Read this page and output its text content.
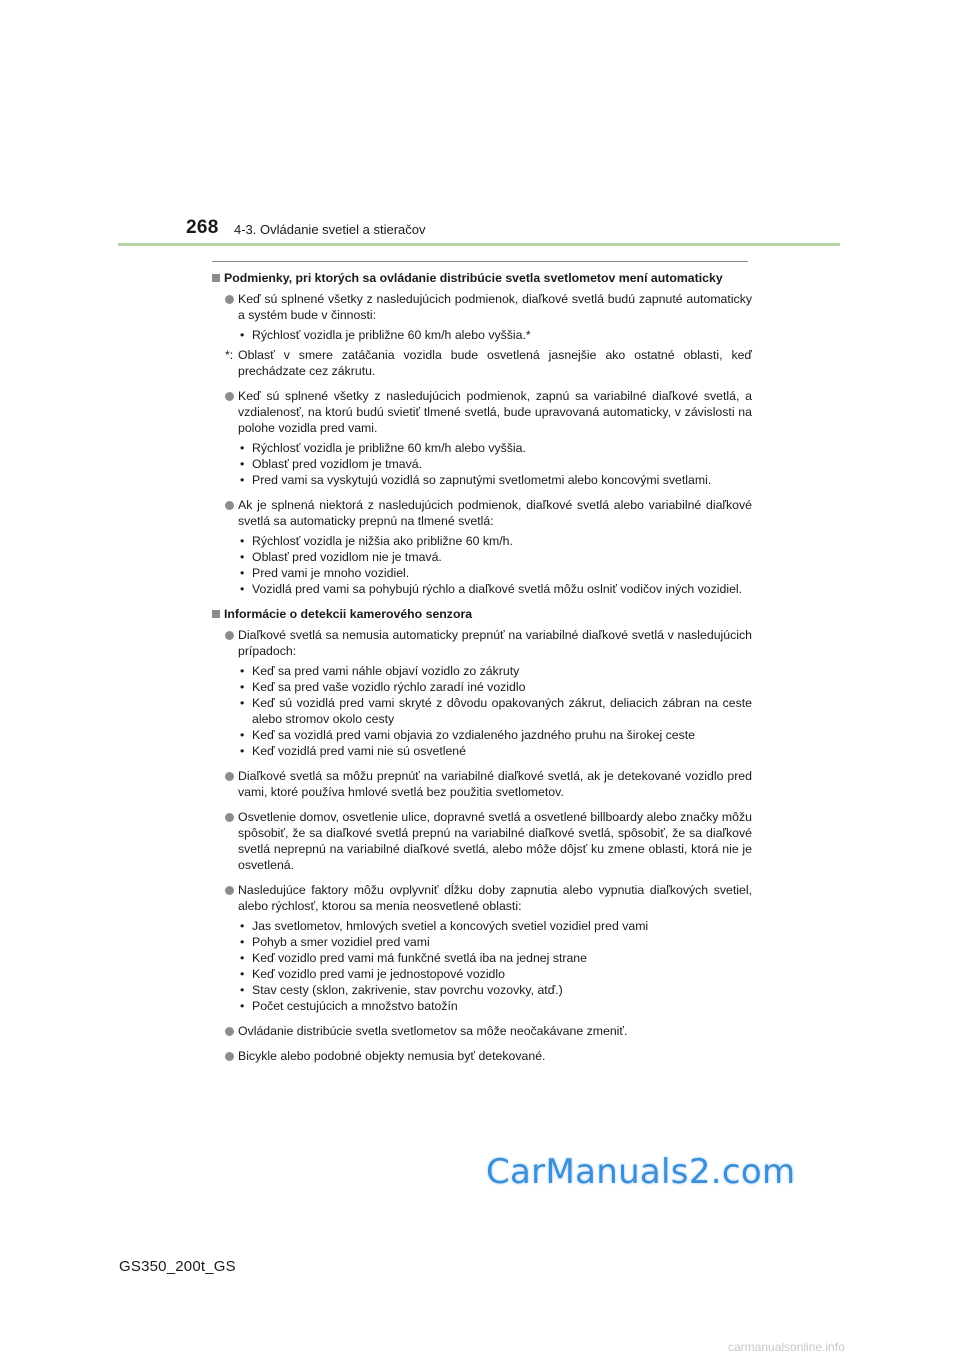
268 4-3. Ovládanie svetiel a stieračov
Podmienky, pri ktorých sa ovládanie distribúcie svetla svetlometov mení automaticky
Keď sú splnené všetky z nasledujúcich podmienok, diaľkové svetlá budú zapnuté automaticky a systém bude v činnosti:
• Rýchlosť vozidla je približne 60 km/h alebo vyššia.*
*: Oblasť v smere zatáčania vozidla bude osvetlená jasnejšie ako ostatné oblasti, keď prechádzate cez zákrutu.
Keď sú splnené všetky z nasledujúcich podmienok, zapnú sa variabilné diaľkové svetlá, a vzdialenosť, na ktorú budú svietiť tlmené svetlá, bude upravovaná automaticky, v závislosti na polohe vozidla pred vami.
• Rýchlosť vozidla je približne 60 km/h alebo vyššia.
• Oblasť pred vozidlom je tmavá.
• Pred vami sa vyskytujú vozidlá so zapnutými svetlometmi alebo koncovými svetlami.
Ak je splnená niektorá z nasledujúcich podmienok, diaľkové svetlá alebo variabilné diaľkové svetlá sa automaticky prepnú na tlmené svetlá:
• Rýchlosť vozidla je nižšia ako približne 60 km/h.
• Oblasť pred vozidlom nie je tmavá.
• Pred vami je mnoho vozidiel.
• Vozidlá pred vami sa pohybujú rýchlo a diaľkové svetlá môžu oslniť vodičov iných vozidiel.
Informácie o detekcii kamerového senzora
Diaľkové svetlá sa nemusia automaticky prepnúť na variabilné diaľkové svetlá v nasledujúcich prípadoch:
• Keď sa pred vami náhle objaví vozidlo zo zákruty
• Keď sa pred vaše vozidlo rýchlo zaradí iné vozidlo
• Keď sú vozidlá pred vami skryté z dôvodu opakovaných zákrut, deliacich zábran na ceste alebo stromov okolo cesty
• Keď sa vozidlá pred vami objavia zo vzdialeného jazdného pruhu na širokej ceste
• Keď vozidlá pred vami nie sú osvetlené
Diaľkové svetlá sa môžu prepnúť na variabilné diaľkové svetlá, ak je detekované vozidlo pred vami, ktoré používa hmlové svetlá bez použitia svetlometov.
Osvetlenie domov, osvetlenie ulice, dopravné svetlá a osvetlené billboardy alebo značky môžu spôsobiť, že sa diaľkové svetlá prepnú na variabilné diaľkové svetlá, spôsobiť, že sa diaľkové svetlá neprepnú na variabilné diaľkové svetlá, alebo môže dôjsť ku zmene oblasti, ktorá nie je osvetlená.
Nasledujúce faktory môžu ovplyvniť dĺžku doby zapnutia alebo vypnutia diaľkových svetiel, alebo rýchlosť, ktorou sa menia neosvetlené oblasti:
• Jas svetlometov, hmlových svetiel a koncových svetiel vozidiel pred vami
• Pohyb a smer vozidiel pred vami
• Keď vozidlo pred vami má funkčné svetlá iba na jednej strane
• Keď vozidlo pred vami je jednostopové vozidlo
• Stav cesty (sklon, zakrivenie, stav povrchu vozovky, atď.)
• Počet cestujúcich a množstvo batožín
Ovládanie distribúcie svetla svetlometov sa môže neočakávane zmeniť.
Bicykle alebo podobné objekty nemusia byť detekované.
GS350_200t_GS
CarManuals2.com
carmanualsonline.info
